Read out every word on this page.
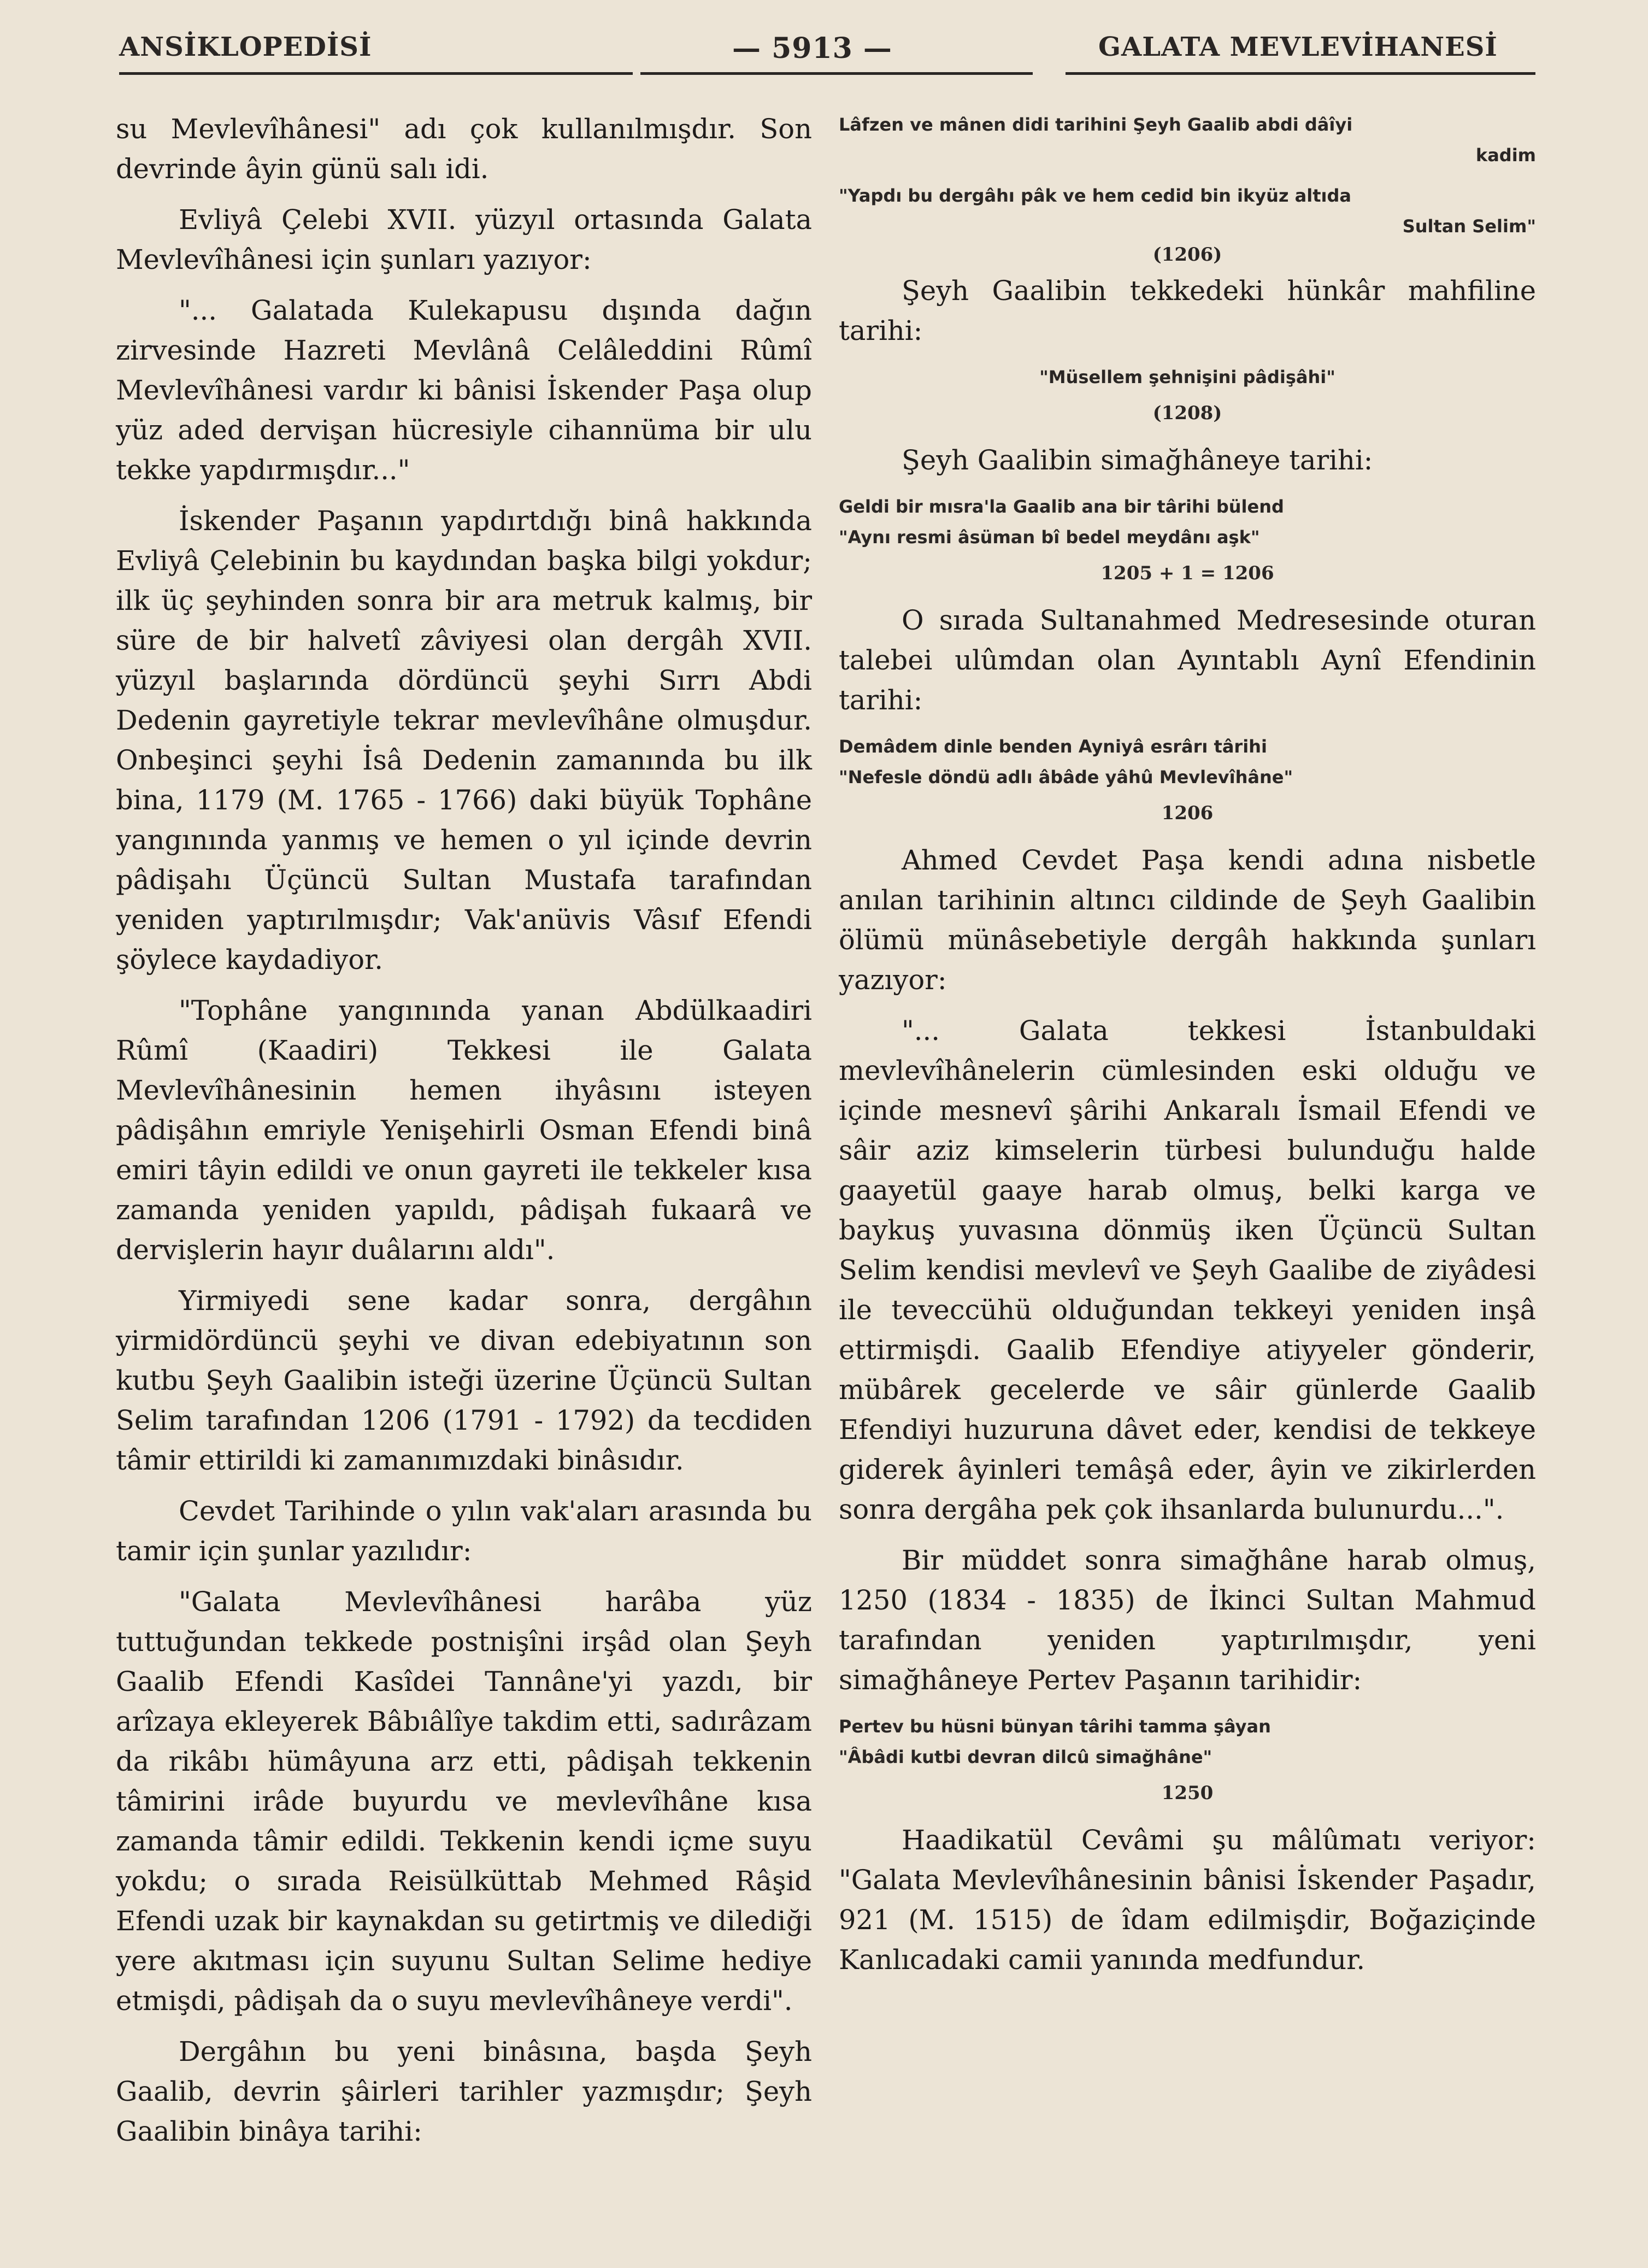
ANSİKLOPEDİSİ	— 5913 —	GALATA MEVLEVİHANESİ

su Mevlevîhânesi" adı çok kullanılmışdır. Son devrinde âyin günü salı idi.

Evliyâ Çelebi XVII. yüzyıl ortasında Galata Mevlevîhânesi için şunları yazıyor:

"... Galatada Kulekapusu dışında dağın zirvesinde Hazreti Mevlânâ Celâleddini Rûmî Mevlevîhânesi vardır ki bânisi İskender Paşa olup yüz aded dervişan hücresiyle cihannüma bir ulu tekke yapdırmışdır..."

İskender Paşanın yapdırtdığı binâ hakkında Evliyâ Çelebinin bu kaydından başka bilgi yokdur; ilk üç şeyhinden sonra bir ara metruk kalmış, bir süre de bir halvetî zâviyesi olan dergâh XVII. yüzyıl başlarında dördüncü şeyhi Sırrı Abdi Dedenin gayretiyle tekrar mevlevîhâne olmuşdur. Onbeşinci şeyhi İsâ Dedenin zamanında bu ilk bina, 1179 (M. 1765 - 1766) daki büyük Tophâne yangınında yanmış ve hemen o yıl içinde devrin pâdişahı Üçüncü Sultan Mustafa tarafından yeniden yaptırılmışdır; Vak'anüvis Vâsıf Efendi şöylece kaydadiyor.

"Tophâne yangınında yanan Abdülkaadiri Rûmî (Kaadiri) Tekkesi ile Galata Mevlevîhânesinin hemen ihyâsını isteyen pâdişâhın emriyle Yenişehirli Osman Efendi binâ emiri tâyin edildi ve onun gayreti ile tekkeler kısa zamanda yeniden yapıldı, pâdişah fukaarâ ve dervişlerin hayır duâlarını aldı".

Yirmiyedi sene kadar sonra, dergâhın yirmidördüncü şeyhi ve divan edebiyatının son kutbu Şeyh Gaalibin isteği üzerine Üçüncü Sultan Selim tarafından 1206 (1791 - 1792) da tecdiden tâmir ettirildi ki zamanımızdaki binâsıdır.

Cevdet Tarihinde o yılın vak'aları arasında bu tamir için şunlar yazılıdır:

"Galata Mevlevîhânesi harâba yüz tuttuğundan tekkede postnişîni irşâd olan Şeyh Gaalib Efendi Kasîdei Tannâne'yi yazdı, bir arîzaya ekleyerek Bâbıâlîye takdim etti, sadırâzam da rikâbı hümâyuna arz etti, pâdişah tekkenin tâmirini irâde buyurdu ve mevlevîhâne kısa zamanda tâmir edildi. Tekkenin kendi içme suyu yokdu; o sırada Reisülküttab Mehmed Râşid Efendi uzak bir kaynakdan su getirtmiş ve dilediği yere akıtması için suyunu Sultan Selime hediye etmişdi, pâdişah da o suyu mevlevîhâneye verdi".

Dergâhın bu yeni binâsına, başda Şeyh Gaalib, devrin şâirleri tarihler yazmışdır; Şeyh Gaalibin binâya tarihi:

Lâfzen ve mânen didi tarihini Şeyh Gaalib abdi dâîyi

kadim

"Yapdı bu dergâhı pâk ve hem cedid bin ikyüz altıda

Sultan Selim"

(1206)

Şeyh Gaalibin tekkedeki hünkâr mahfiline tarihi:

"Müsellem şehnişini pâdişâhi"

(1208)

Şeyh Gaalibin simağhâneye tarihi:

Geldi bir mısra'la Gaalib ana bir târihi bülend

"Aynı resmi âsüman bî bedel meydânı aşk"

1205 + 1 = 1206

O sırada Sultanahmed Medresesinde oturan talebei ulûmdan olan Ayıntablı Aynî Efendinin tarihi:

Demâdem dinle benden Ayniyâ esrârı târihi

"Nefesle döndü adlı âbâde yâhû Mevlevîhâne"

1206

Ahmed Cevdet Paşa kendi adına nisbetle anılan tarihinin altıncı cildinde de Şeyh Gaalibin ölümü münâsebetiyle dergâh hakkında şunları yazıyor:

"... Galata tekkesi İstanbuldaki mevlevîhânelerin cümlesinden eski olduğu ve içinde mesnevî şârihi Ankaralı İsmail Efendi ve sâir aziz kimselerin türbesi bulunduğu halde gaayetül gaaye harab olmuş, belki karga ve baykuş yuvasına dönmüş iken Üçüncü Sultan Selim kendisi mevlevî ve Şeyh Gaalibe de ziyâdesi ile teveccühü olduğundan tekkeyi yeniden inşâ ettirmişdi. Gaalib Efendiye atiyyeler gönderir, mübârek gecelerde ve sâir günlerde Gaalib Efendiyi huzuruna dâvet eder, kendisi de tekkeye giderek âyinleri temâşâ eder, âyin ve zikirlerden sonra dergâha pek çok ihsanlarda bulunurdu...".

Bir müddet sonra simağhâne harab olmuş, 1250 (1834 - 1835) de İkinci Sultan Mahmud tarafından yeniden yaptırılmışdır, yeni simağhâneye Pertev Paşanın tarihidir:

Pertev bu hüsni bünyan târihi tamma şâyan

"Âbâdi kutbi devran dilcû simağhâne"

1250

Haadikatül Cevâmi şu mâlûmatı veriyor: "Galata Mevlevîhânesinin bânisi İskender Paşadır, 921 (M. 1515) de îdam edilmişdir, Boğaziçinde Kanlıcadaki camii yanında medfundur.
